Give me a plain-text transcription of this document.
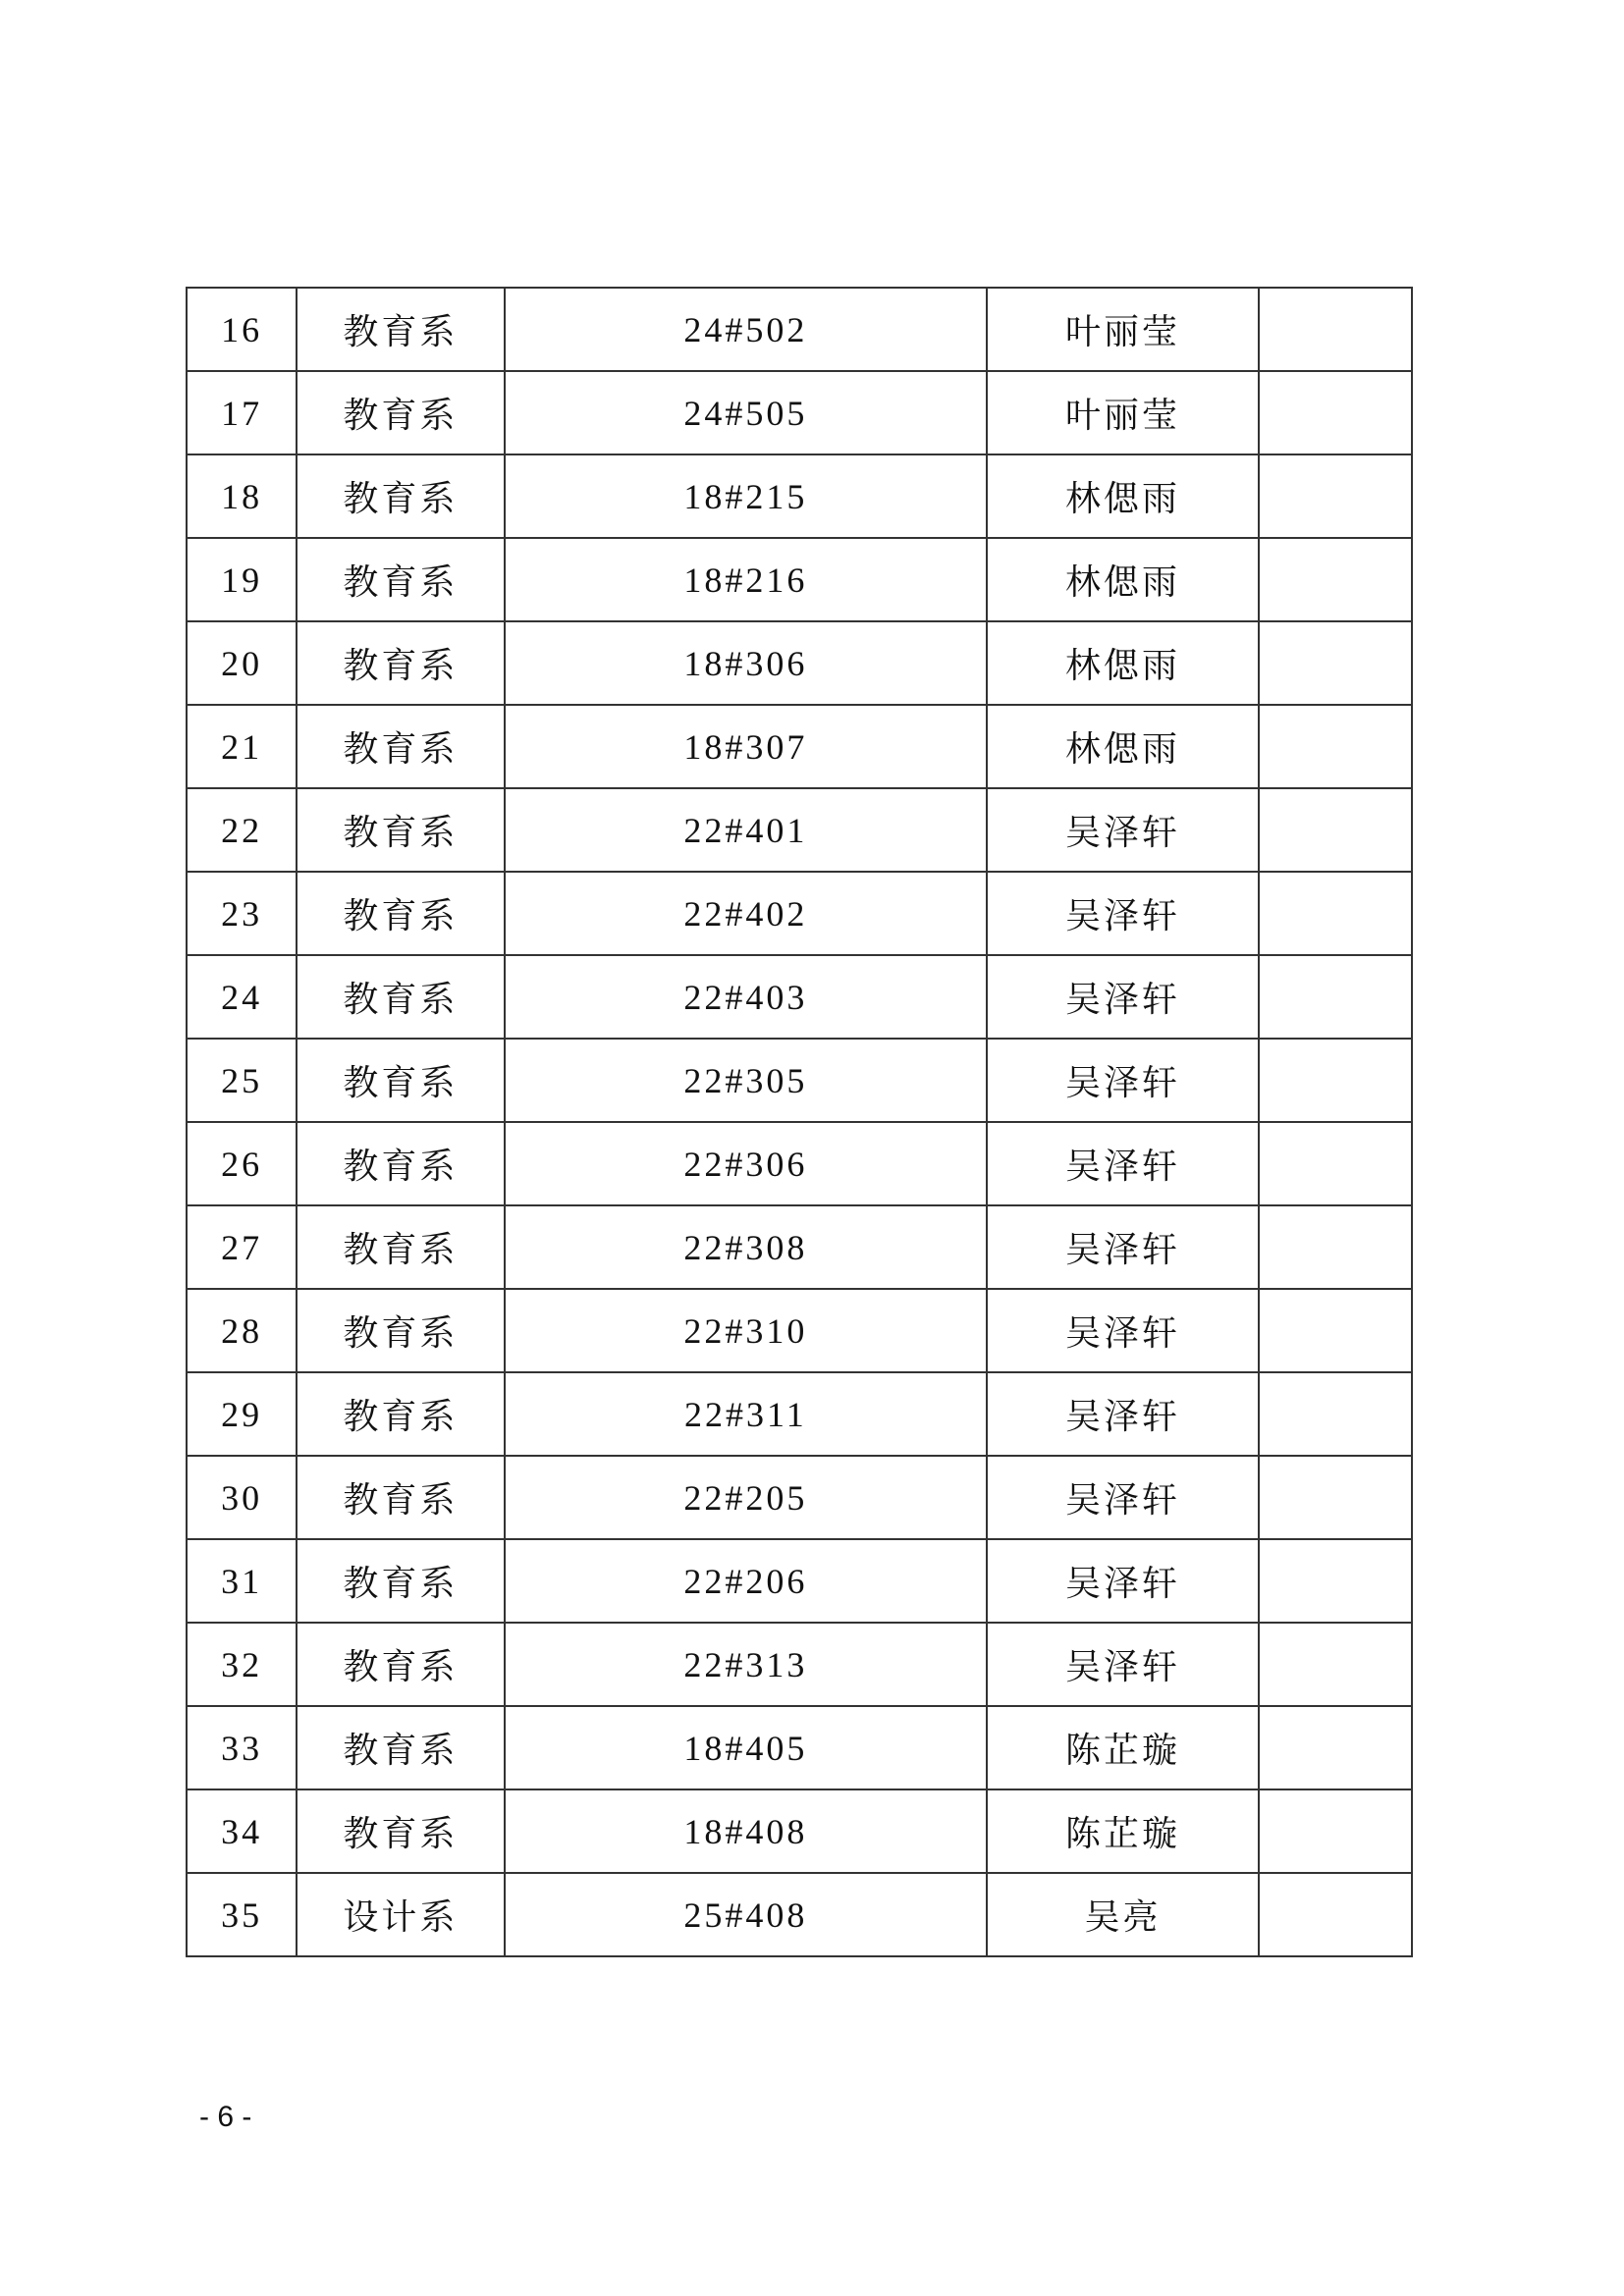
16	教育系	24#502	叶丽莹	
17	教育系	24#505	叶丽莹	
18	教育系	18#215	林偲雨	
19	教育系	18#216	林偲雨	
20	教育系	18#306	林偲雨	
21	教育系	18#307	林偲雨	
22	教育系	22#401	吴泽轩	
23	教育系	22#402	吴泽轩	
24	教育系	22#403	吴泽轩	
25	教育系	22#305	吴泽轩	
26	教育系	22#306	吴泽轩	
27	教育系	22#308	吴泽轩	
28	教育系	22#310	吴泽轩	
29	教育系	22#311	吴泽轩	
30	教育系	22#205	吴泽轩	
31	教育系	22#206	吴泽轩	
32	教育系	22#313	吴泽轩	
33	教育系	18#405	陈芷璇	
34	教育系	18#408	陈芷璇	
35	设计系	25#408	吴亮	
- 6 -
